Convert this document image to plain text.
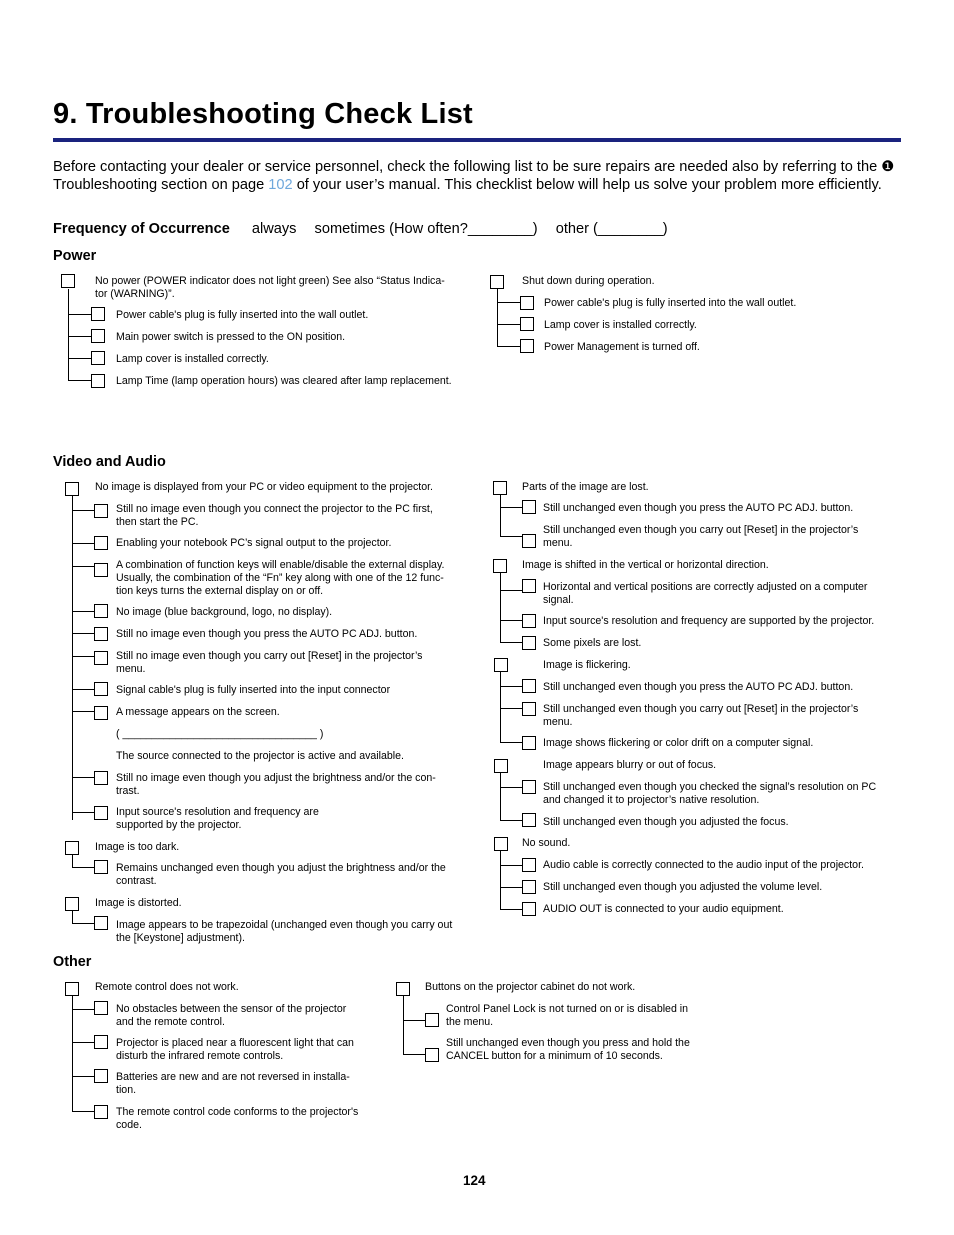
9. Troubleshooting Check List

Before contacting your dealer or service personnel, check the following list to be sure repairs are needed also by referring to the ❶ Troubleshooting section on page 102 of your user’s manual. This checklist below will help us solve your problem more efficiently.

Frequency of Occurrence always sometimes (How often?________) other (________)
Power
Video and Audio
Other
No power (POWER indicator does not light green) See also “Status Indica-
tor (WARNING)”.
Power cable's plug is fully inserted into the wall outlet.
Main power switch is pressed to the ON position.
Lamp cover is installed correctly.
Lamp Time (lamp operation hours) was cleared after lamp replacement.
Shut down during operation.
Power cable's plug is fully inserted into the wall outlet.
Lamp cover is installed correctly.
Power Management is turned off.
No image is displayed from your PC or video equipment to the projector.
Still no image even though you connect the projector to the PC first,
then start the PC.
Enabling your notebook PC’s signal output to the projector.
A combination of function keys will enable/disable the external display.
Usually, the combination of the “Fn” key along with one of the 12 func-
tion keys turns the external display on or off.
No image (blue background, logo, no display).
Still no image even though you press the AUTO PC ADJ. button.
Still no image even though you carry out [Reset] in the projector’s
menu.
Signal cable's plug is fully inserted into the input connector
A message appears on the screen.
( _________________________________ )
The source connected to the projector is active and available.
Still no image even though you adjust the brightness and/or the con-
trast.
Input source's resolution and frequency are
supported by the projector.
Image is too dark.
Remains unchanged even though you adjust the brightness and/or the
contrast.
Image is distorted.
Image appears to be trapezoidal (unchanged even though you carry out
the [Keystone] adjustment).
Parts of the image are lost.
Still unchanged even though you press the AUTO PC ADJ. button.
Still unchanged even though you carry out [Reset] in the projector’s
menu.
Image is shifted in the vertical or horizontal direction.
Horizontal and vertical positions are correctly adjusted on a computer
signal.
Input source's resolution and frequency are supported by the projector.
Some pixels are lost.
Image is flickering.
Still unchanged even though you press the AUTO PC ADJ. button.
Still unchanged even though you carry out [Reset] in the projector’s
menu.
Image shows flickering or color drift on a computer signal.
Image appears blurry or out of focus.
Still unchanged even though you checked the signal’s resolution on PC
and changed it to projector’s native resolution.
Still unchanged even though you adjusted the focus.
No sound.
Audio cable is correctly connected to the audio input of the projector.
Still unchanged even though you adjusted the volume level.
AUDIO OUT is connected to your audio equipment.
Remote control does not work.
No obstacles between the sensor of the projector
and the remote control.
Projector is placed near a fluorescent light that can
disturb the infrared remote controls.
Batteries are new and are not reversed in installa-
tion.
The remote control code conforms to the projector's
code.
Buttons on the projector cabinet do not work.
Control Panel Lock is not turned on or is disabled in
the menu.
Still unchanged even though you press and hold the
CANCEL button for a minimum of 10 seconds.
124
